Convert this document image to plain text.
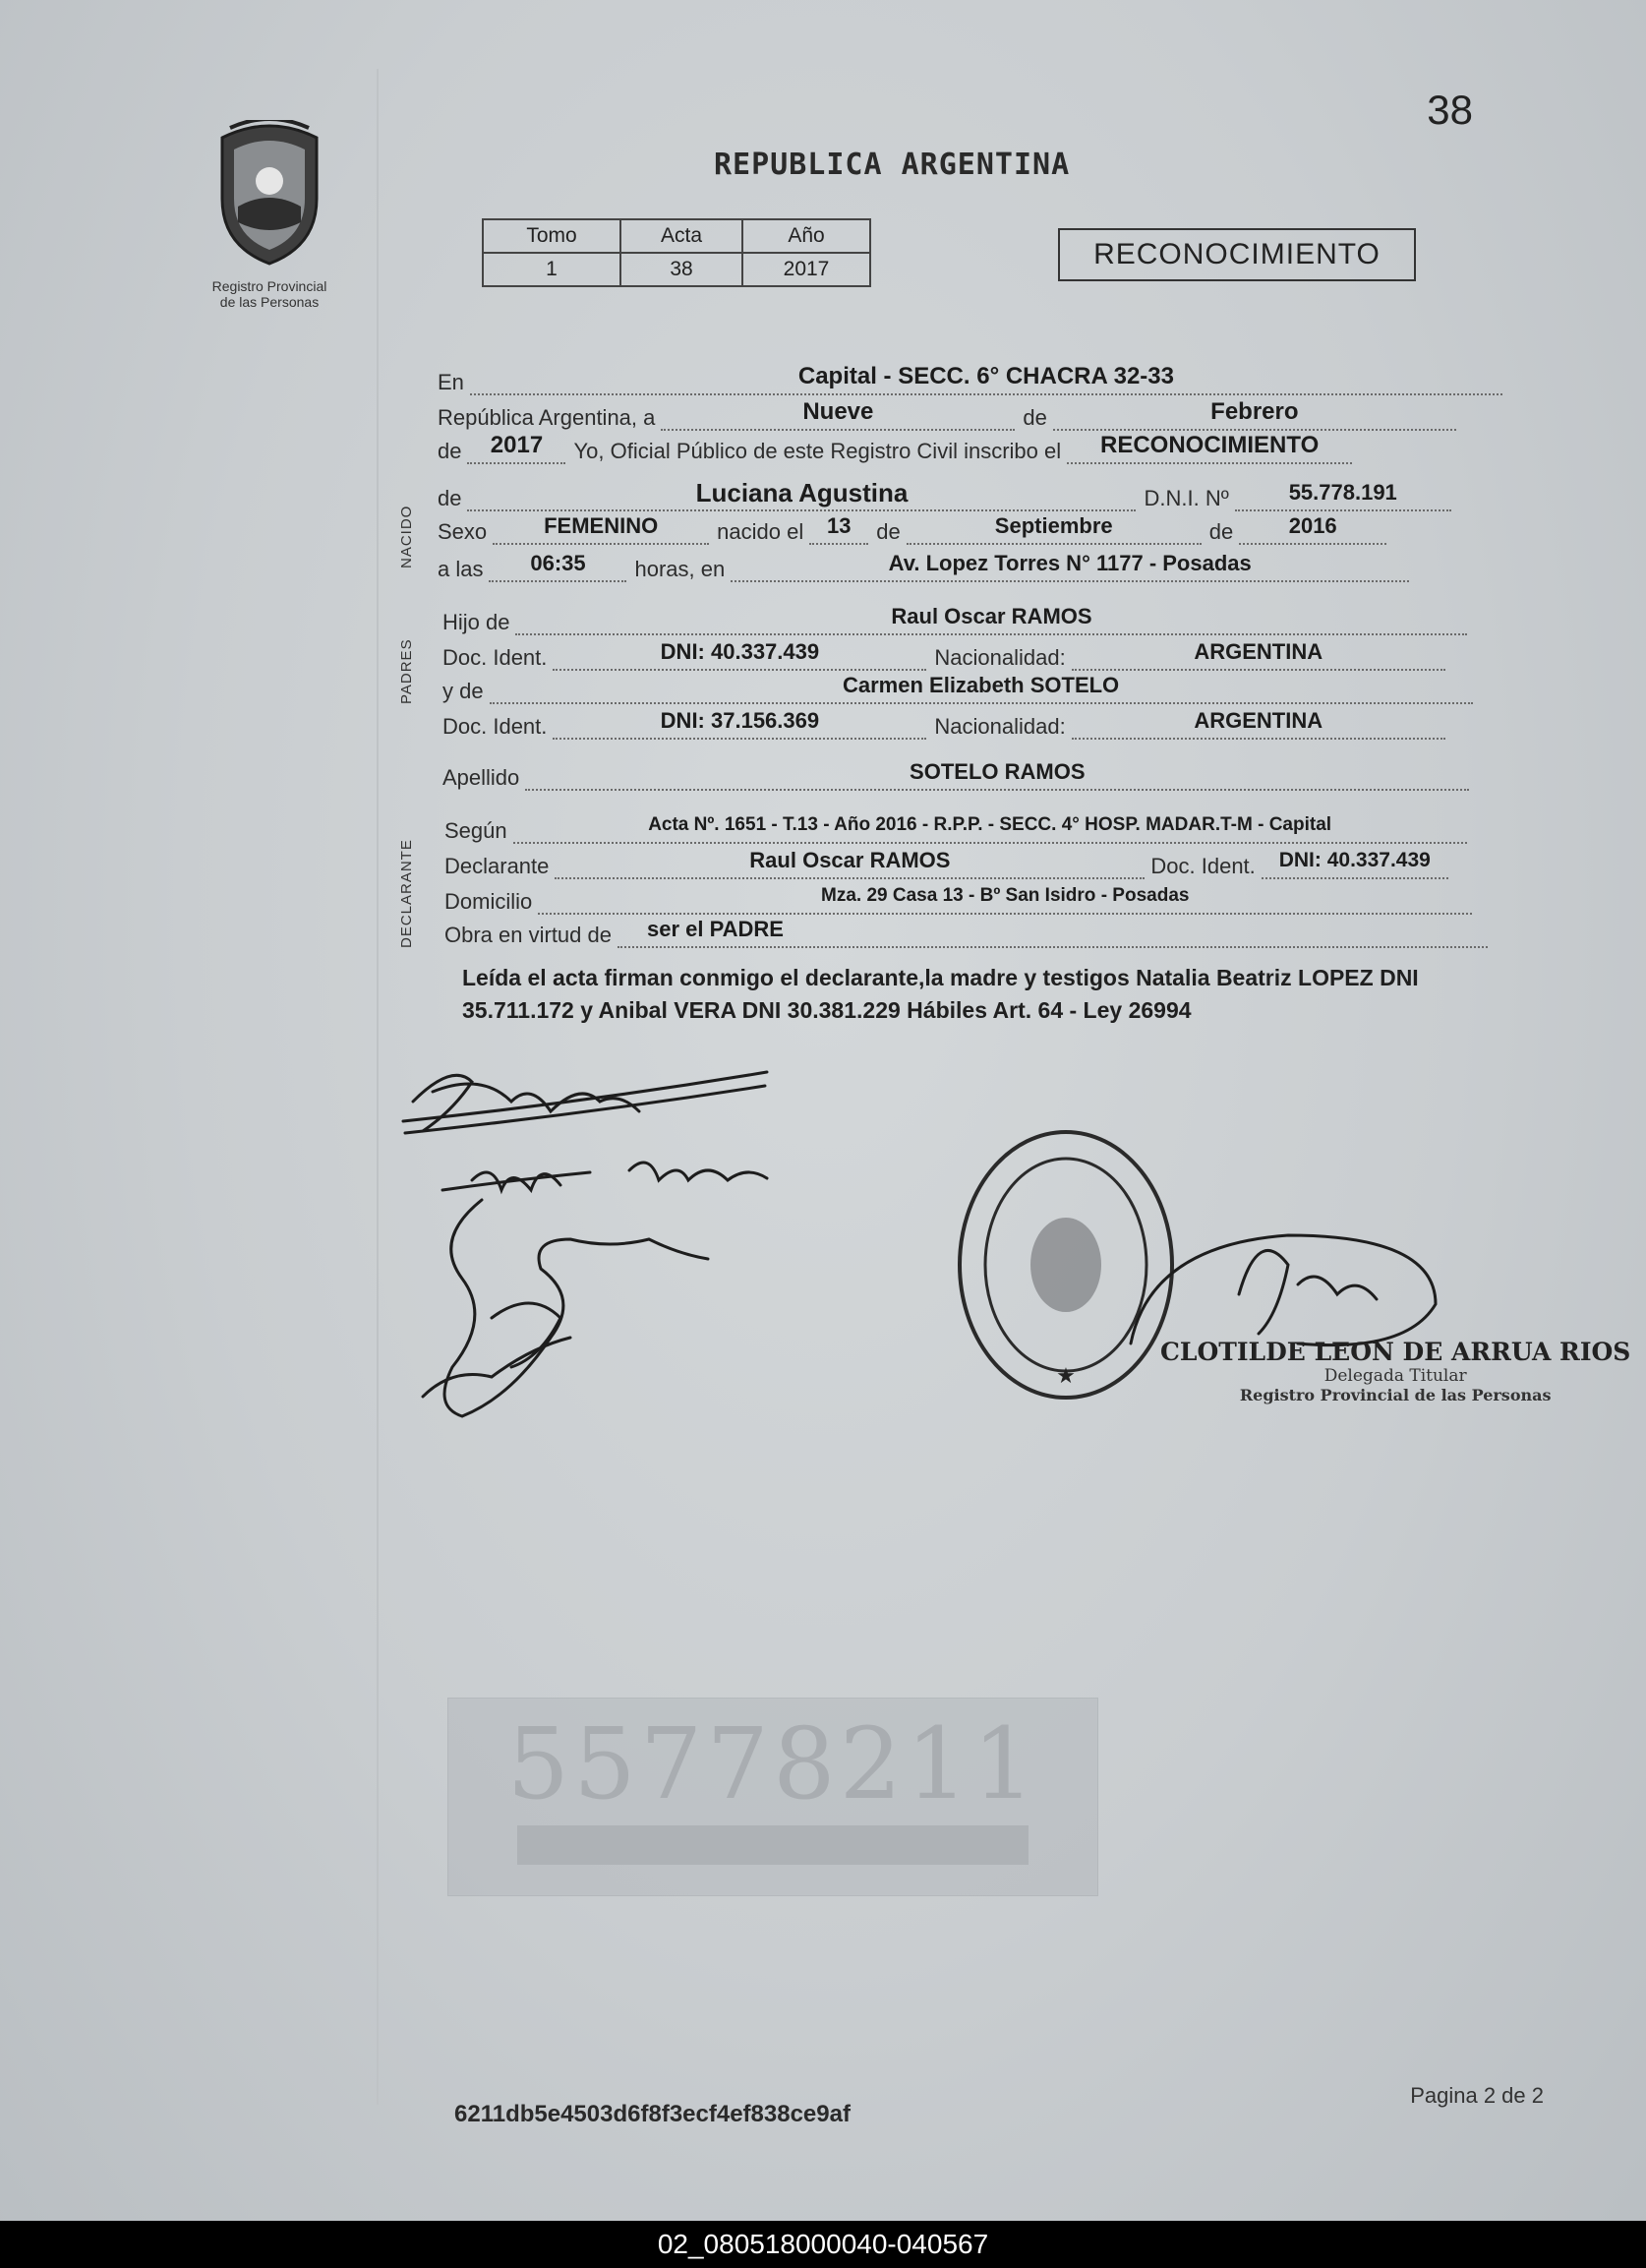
Registro Provincial
de las Personas
38
REPUBLICA ARGENTINA
Tomo	Acta	Año
1	38	2017	RECONOCIMIENTO
NACIDO
PADRES
DECLARANTE
En	Capital - SECC. 6° CHACRA 32-33
República Argentina, a	Nueve	de	Febrero
de	2017	Yo, Oficial Público de este Registro Civil inscribo el	RECONOCIMIENTO
de	Luciana Agustina	D.N.I. Nº	55.778.191
Sexo	FEMENINO	nacido el	13	de	Septiembre	de	2016
a las	06:35	horas, en	Av. Lopez Torres N° 1177 - Posadas
Hijo de	Raul Oscar RAMOS
Doc. Ident.	DNI: 40.337.439	Nacionalidad:	ARGENTINA
y de	Carmen Elizabeth SOTELO
Doc. Ident.	DNI: 37.156.369	Nacionalidad:	ARGENTINA
Apellido	SOTELO RAMOS
Según	Acta Nº. 1651 - T.13 - Año 2016 - R.P.P. - SECC. 4° HOSP. MADAR.T-M - Capital
Declarante	Raul Oscar RAMOS	Doc. Ident.	DNI: 40.337.439
Domicilio	Mza. 29 Casa 13 - Bº San Isidro - Posadas
Obra en virtud de	ser el PADRE
Leída el acta firman conmigo el declarante,la madre y testigos Natalia Beatriz LOPEZ DNI 35.711.172 y Anibal VERA DNI 30.381.229 Hábiles Art. 64 - Ley 26994
★
CLOTILDE LEON DE ARRUA RIOS
Delegada Titular
Registro Provincial de las Personas
55778211
6211db5e4503d6f8f3ecf4ef838ce9af
Pagina 2 de 2
02_080518000040-040567
